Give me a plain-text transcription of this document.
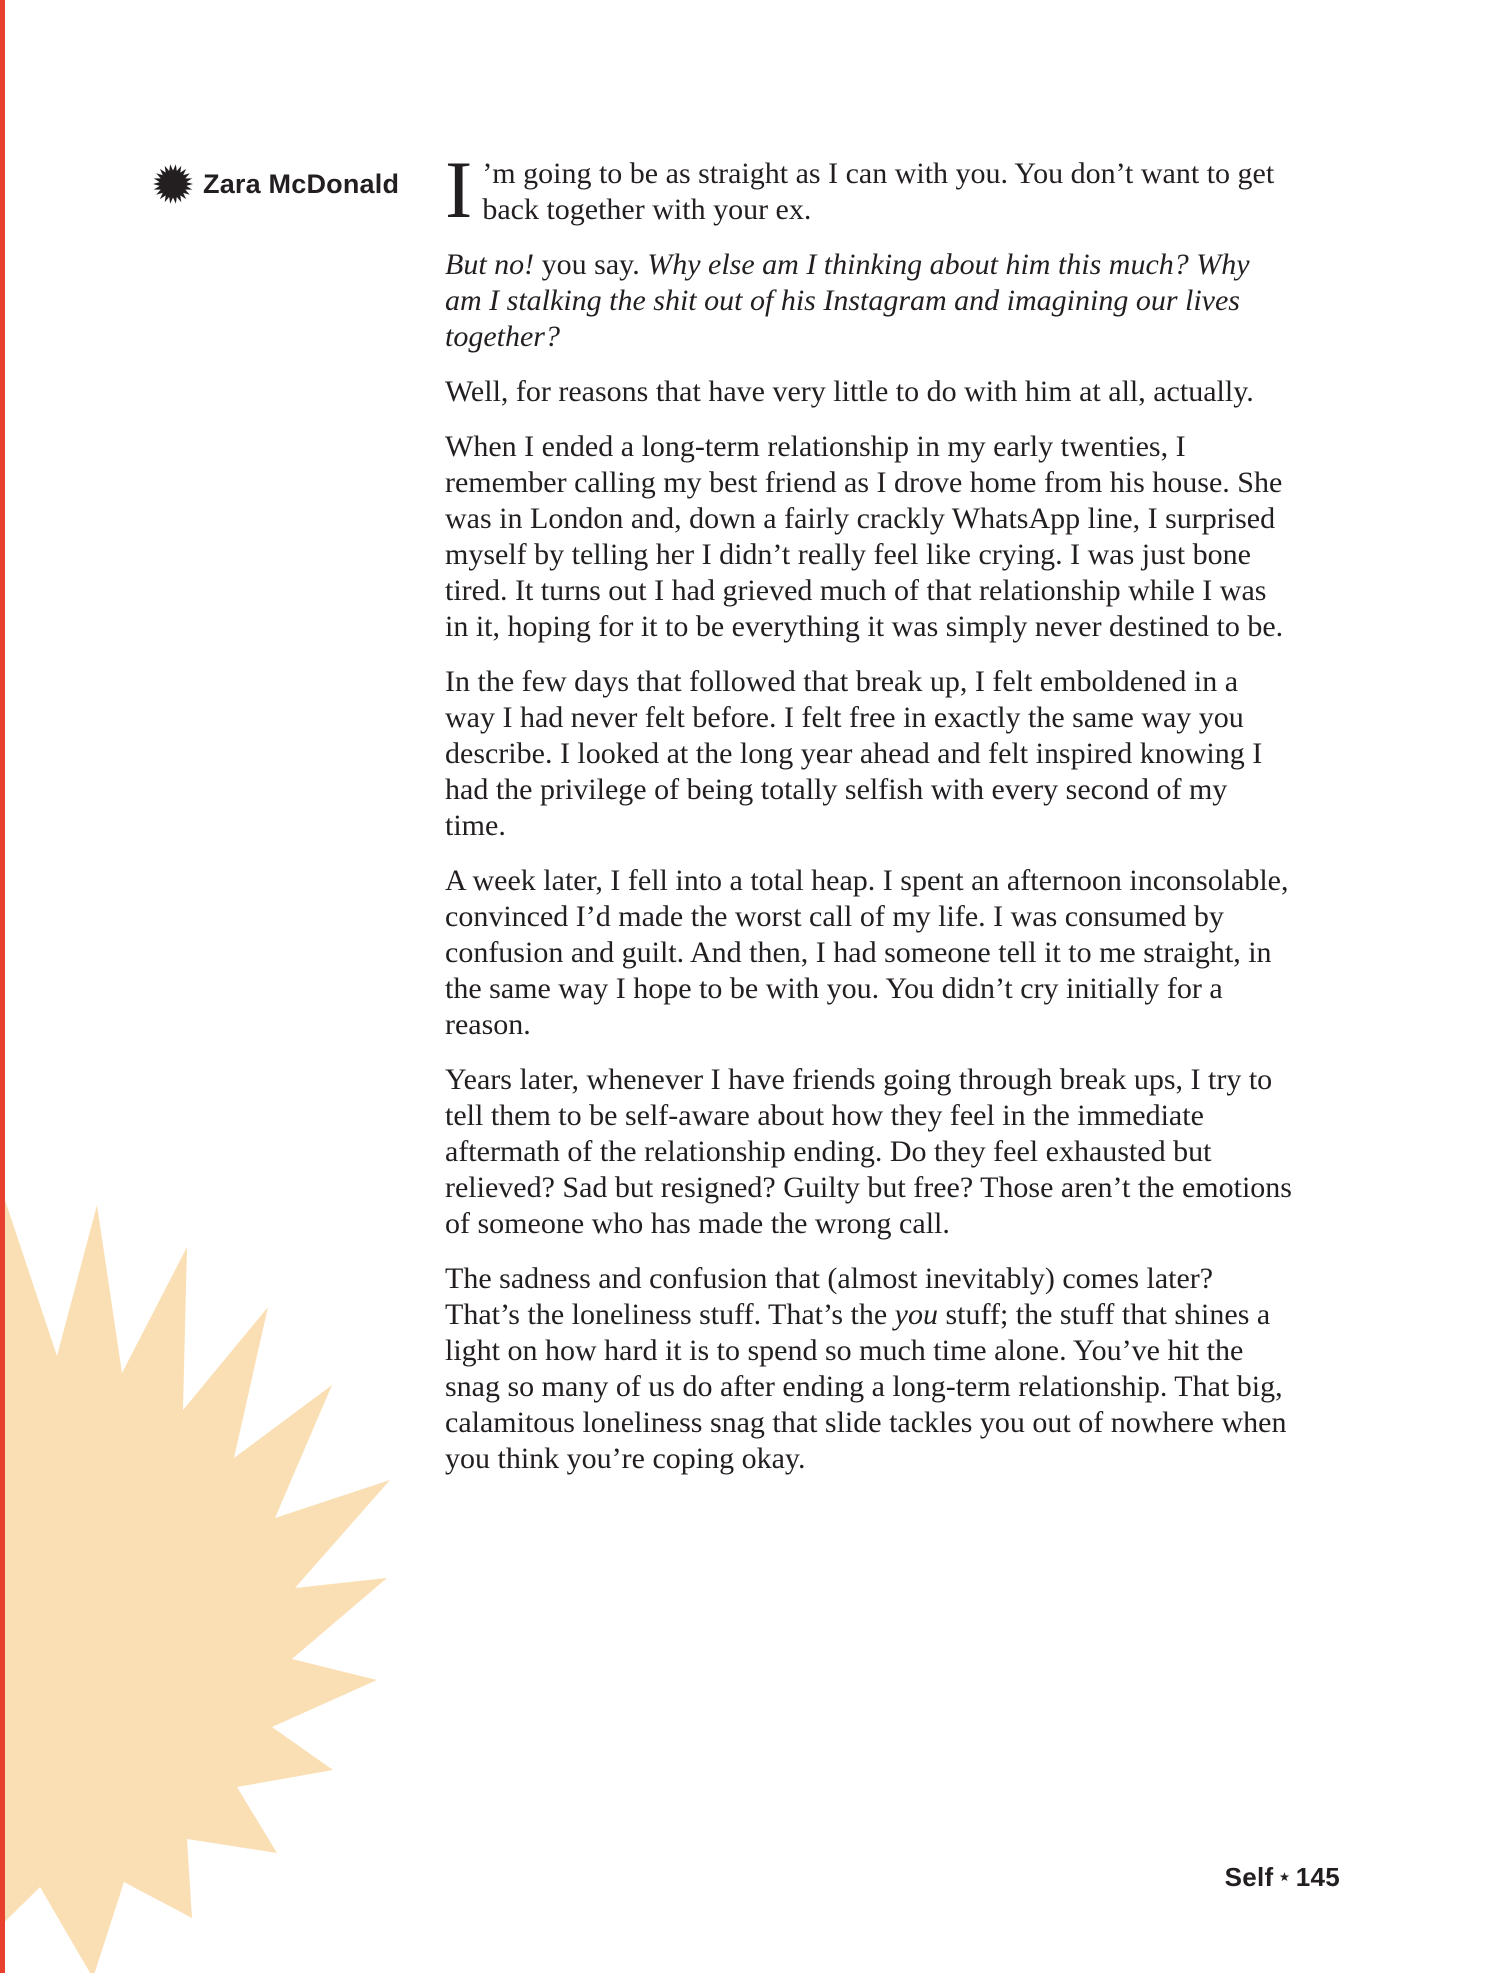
Zara McDonald I ’m going to be as straight as I can with you. You don’t want to get back together with your ex.

But no! you say. Why else am I thinking about him this much? Why am I stalking the shit out of his Instagram and imagining our lives together?

Well, for reasons that have very little to do with him at all, actually.

When I ended a long-term relationship in my early twenties, I remember calling my best friend as I drove home from his house. She was in London and, down a fairly crackly WhatsApp line, I surprised myself by telling her I didn’t really feel like crying. I was just bone tired. It turns out I had grieved much of that relationship while I was in it, hoping for it to be everything it was simply never destined to be.

In the few days that followed that break up, I felt emboldened in a way I had never felt before. I felt free in exactly the same way you describe. I looked at the long year ahead and felt inspired knowing I had the privilege of being totally selfish with every second of my time.

A week later, I fell into a total heap. I spent an afternoon inconsolable, convinced I’d made the worst call of my life. I was consumed by confusion and guilt. And then, I had someone tell it to me straight, in the same way I hope to be with you. You didn’t cry initially for a reason.

Years later, whenever I have friends going through break ups, I try to tell them to be self-aware about how they feel in the immediate aftermath of the relationship ending. Do they feel exhausted but relieved? Sad but resigned? Guilty but free? Those aren’t the emotions of someone who has made the wrong call.

The sadness and confusion that (almost inevitably) comes later? That’s the loneliness stuff. That’s the you stuff; the stuff that shines a light on how hard it is to spend so much time alone. You’ve hit the snag so many of us do after ending a long-term relationship. That big, calamitous loneliness snag that slide tackles you out of nowhere when you think you’re coping okay.

Self ⋆ 145
